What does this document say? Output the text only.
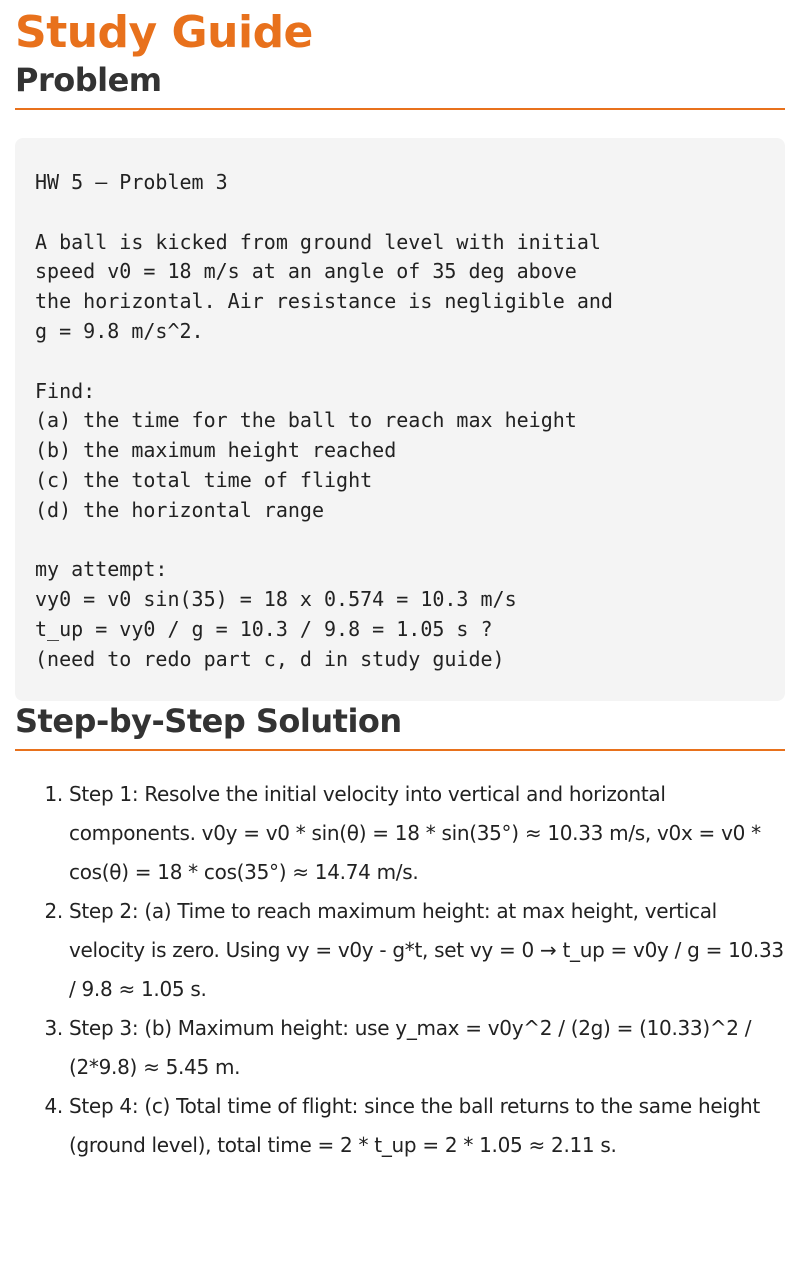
Study Guide
Problem
HW 5 – Problem 3
A ball is kicked from ground level with initial
speed v0 = 18 m/s at an angle of 35 deg above
the horizontal. Air resistance is negligible and
g = 9.8 m/s^2.
Find:
(a) the time for the ball to reach max height
(b) the maximum height reached
(c) the total time of flight
(d) the horizontal range
my attempt:
vy0 = v0 sin(35) = 18 x 0.574 = 10.3 m/s
t_up = vy0 / g = 10.3 / 9.8 = 1.05 s ?
(need to redo part c, d in study guide)
Step-by-Step Solution
1. Step 1: Resolve the initial velocity into vertical and horizontal components. v0y = v0 * sin(θ) = 18 * sin(35°) ≈ 10.33 m/s, v0x = v0 * cos(θ) = 18 * cos(35°) ≈ 14.74 m/s.
2. Step 2: (a) Time to reach maximum height: at max height, vertical velocity is zero. Using vy = v0y - g*t, set vy = 0 → t_up = v0y / g = 10.33 / 9.8 ≈ 1.05 s.
3. Step 3: (b) Maximum height: use y_max = v0y^2 / (2g) = (10.33)^2 / (2*9.8) ≈ 5.45 m.
4. Step 4: (c) Total time of flight: since the ball returns to the same height (ground level), total time = 2 * t_up = 2 * 1.05 ≈ 2.11 s.
